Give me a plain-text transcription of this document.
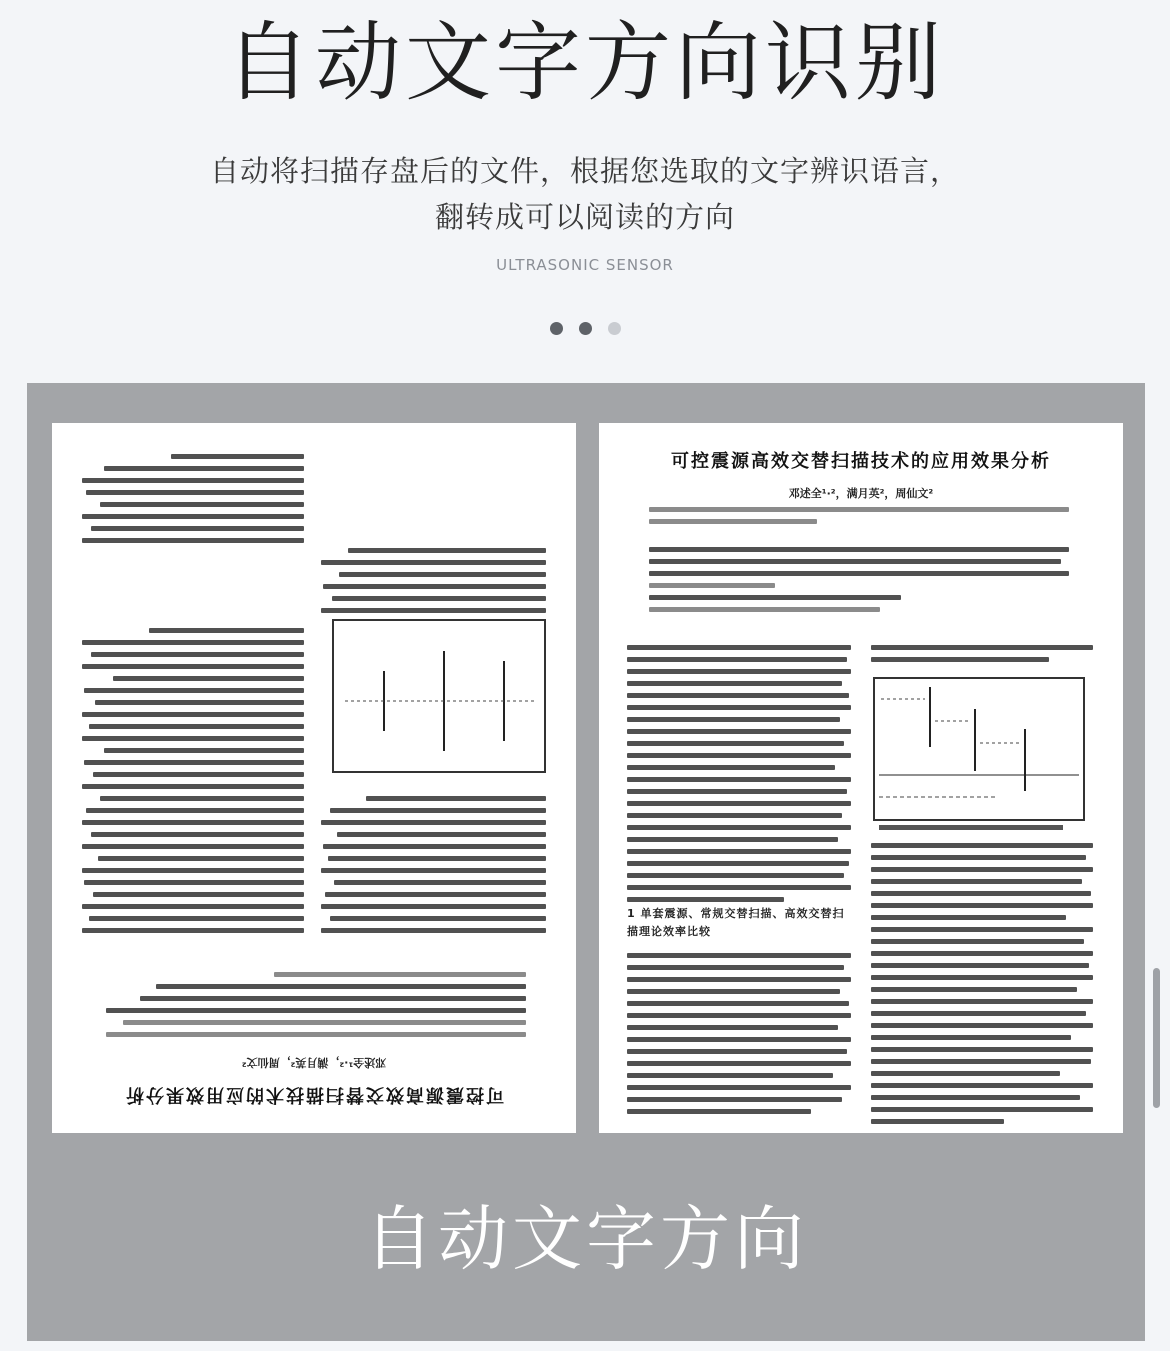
自动文字方向识别
自动将扫描存盘后的文件，根据您选取的文字辨识语言，
翻转成可以阅读的方向
ULTRASONIC SENSOR
可控震源高效交替扫描技术的应用效果分析
邓述全¹·²，满月英²，周仙文²
可控震源高效交替扫描技术的应用效果分析
邓述全¹·²，满月英²，周仙文²
1 单套震源、常规交替扫描、高效交替扫描理论效率比较
自动文字方向
